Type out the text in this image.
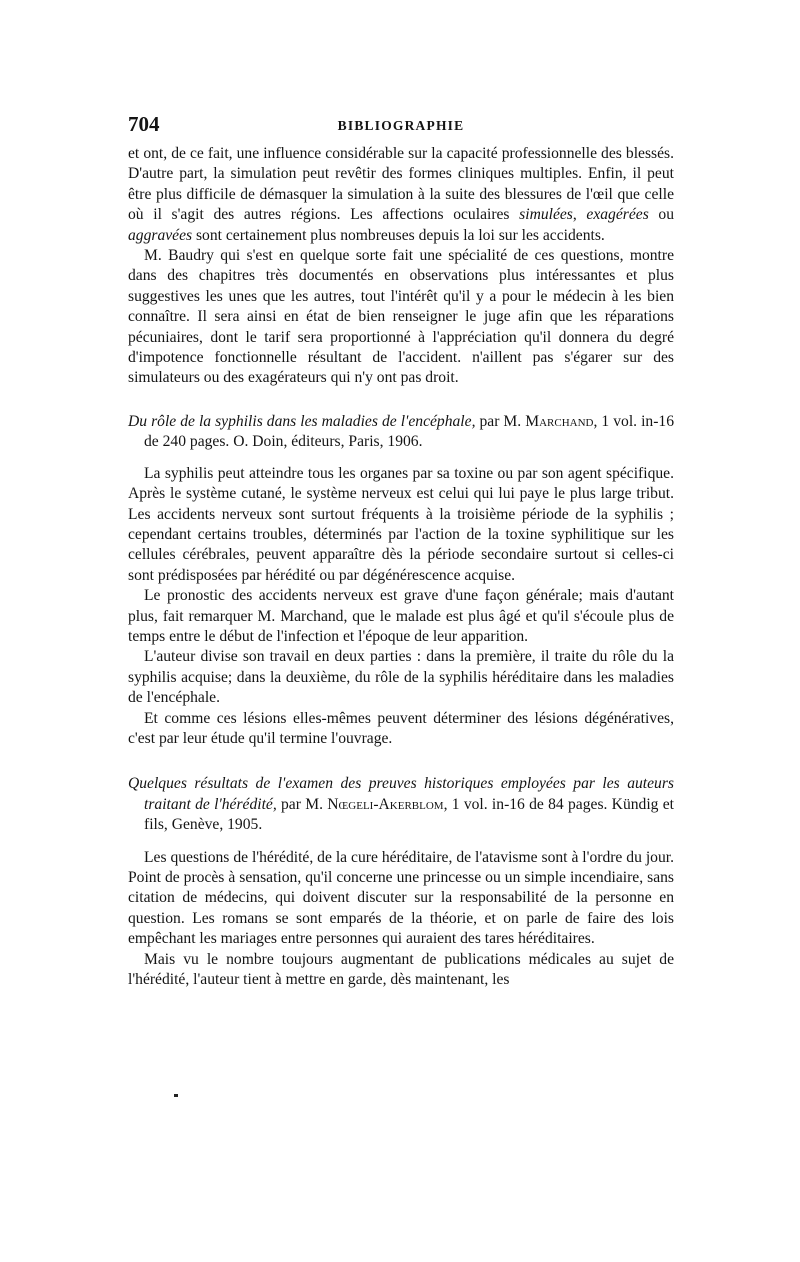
704	BIBLIOGRAPHIE

et ont, de ce fait, une influence considérable sur la capacité professionnelle des blessés. D'autre part, la simulation peut revêtir des formes cliniques multiples. Enfin, il peut être plus difficile de démasquer la simulation à la suite des blessures de l'œil que celle où il s'agit des autres régions. Les affections oculaires simulées, exagérées ou aggravées sont certainement plus nombreuses depuis la loi sur les accidents.

M. Baudry qui s'est en quelque sorte fait une spécialité de ces questions, montre dans des chapitres très documentés en observations plus intéressantes et plus suggestives les unes que les autres, tout l'intérêt qu'il y a pour le médecin à les bien connaître. Il sera ainsi en état de bien renseigner le juge afin que les réparations pécuniaires, dont le tarif sera proportionné à l'appréciation qu'il donnera du degré d'impotence fonctionnelle résultant de l'accident. n'aillent pas s'égarer sur des simulateurs ou des exagérateurs qui n'y ont pas droit.

Du rôle de la syphilis dans les maladies de l'encéphale, par M. Marchand, 1 vol. in-16 de 240 pages. O. Doin, éditeurs, Paris, 1906.

La syphilis peut atteindre tous les organes par sa toxine ou par son agent spécifique. Après le système cutané, le système nerveux est celui qui lui paye le plus large tribut. Les accidents nerveux sont surtout fréquents à la troisième période de la syphilis ; cependant certains troubles, déterminés par l'action de la toxine syphilitique sur les cellules cérébrales, peuvent apparaître dès la période secondaire surtout si celles-ci sont prédisposées par hérédité ou par dégénérescence acquise.

Le pronostic des accidents nerveux est grave d'une façon générale; mais d'autant plus, fait remarquer M. Marchand, que le malade est plus âgé et qu'il s'écoule plus de temps entre le début de l'infection et l'époque de leur apparition.

L'auteur divise son travail en deux parties : dans la première, il traite du rôle du la syphilis acquise; dans la deuxième, du rôle de la syphilis héréditaire dans les maladies de l'encéphale.

Et comme ces lésions elles-mêmes peuvent déterminer des lésions dégénératives, c'est par leur étude qu'il termine l'ouvrage.

Quelques résultats de l'examen des preuves historiques employées par les auteurs traitant de l'hérédité, par M. Nœgeli-Akerblom, 1 vol. in-16 de 84 pages. Kündig et fils, Genève, 1905.

Les questions de l'hérédité, de la cure héréditaire, de l'atavisme sont à l'ordre du jour. Point de procès à sensation, qu'il concerne une princesse ou un simple incendiaire, sans citation de médecins, qui doivent discuter sur la responsabilité de la personne en question. Les romans se sont emparés de la théorie, et on parle de faire des lois empêchant les mariages entre personnes qui auraient des tares héréditaires.

Mais vu le nombre toujours augmentant de publications médicales au sujet de l'hérédité, l'auteur tient à mettre en garde, dès maintenant, les
